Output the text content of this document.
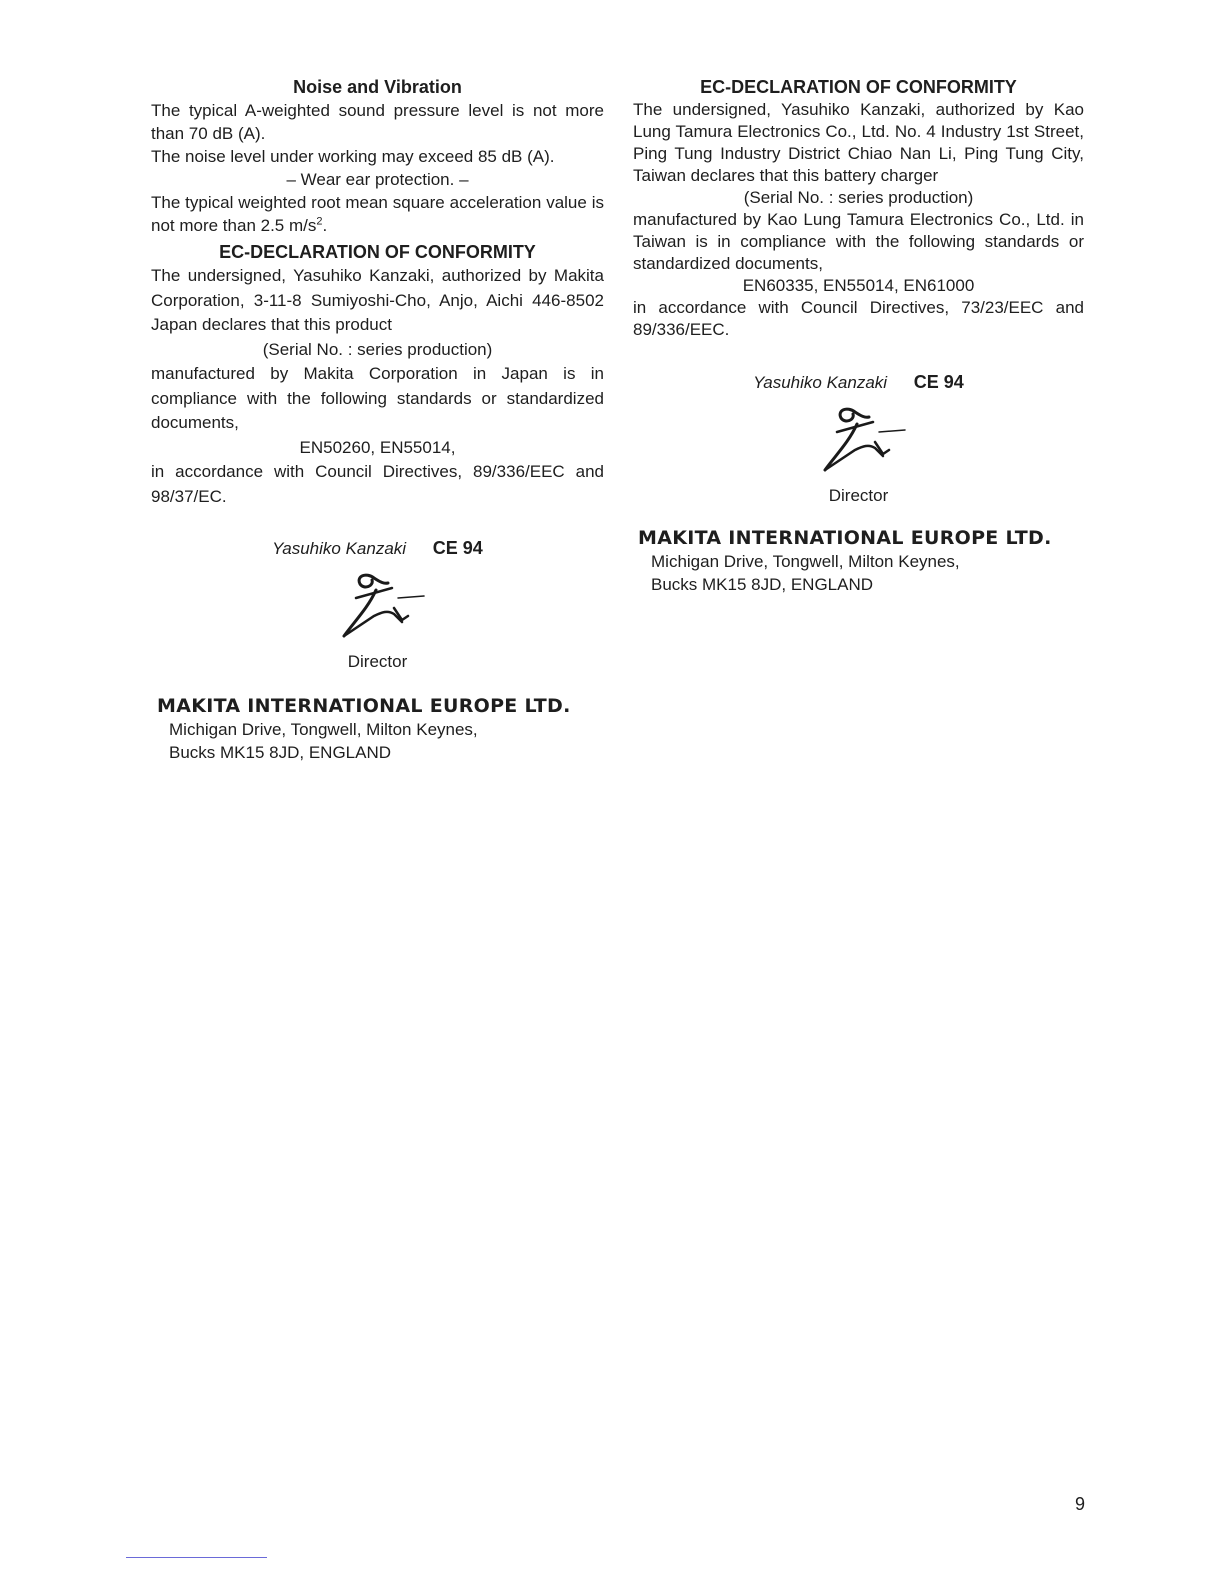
Noise and Vibration

The typical A-weighted sound pressure level is not more than 70 dB (A).

The noise level under working may exceed 85 dB (A).

– Wear ear protection. –

The typical weighted root mean square acceleration value is not more than 2.5 $m/s^2$.

EC-DECLARATION OF CONFORMITY

The undersigned, Yasuhiko Kanzaki, authorized by Makita Corporation, 3-11-8 Sumiyoshi-Cho, Anjo, Aichi 446-8502 Japan declares that this product

(Serial No. : series production)

manufactured by Makita Corporation in Japan is in compliance with the following standards or standardized documents,

EN50260, EN55014,

in accordance with Council Directives, 89/336/EEC and 98/37/EC.

Yasuhiko Kanzaki CE 94

Director

MAKITA INTERNATIONAL EUROPE LTD.

Michigan Drive, Tongwell, Milton Keynes,

Bucks MK15 8JD, ENGLAND

EC-DECLARATION OF CONFORMITY

The undersigned, Yasuhiko Kanzaki, authorized by Kao Lung Tamura Electronics Co., Ltd. No. 4 Industry 1st Street, Ping Tung Industry District Chiao Nan Li, Ping Tung City, Taiwan declares that this battery charger

(Serial No. : series production)

manufactured by Kao Lung Tamura Electronics Co., Ltd. in Taiwan is in compliance with the following standards or standardized documents,

EN60335, EN55014, EN61000

in accordance with Council Directives, 73/23/EEC and 89/336/EEC.

Yasuhiko Kanzaki CE 94

Director

MAKITA INTERNATIONAL EUROPE LTD.

Michigan Drive, Tongwell, Milton Keynes,

Bucks MK15 8JD, ENGLAND

9
